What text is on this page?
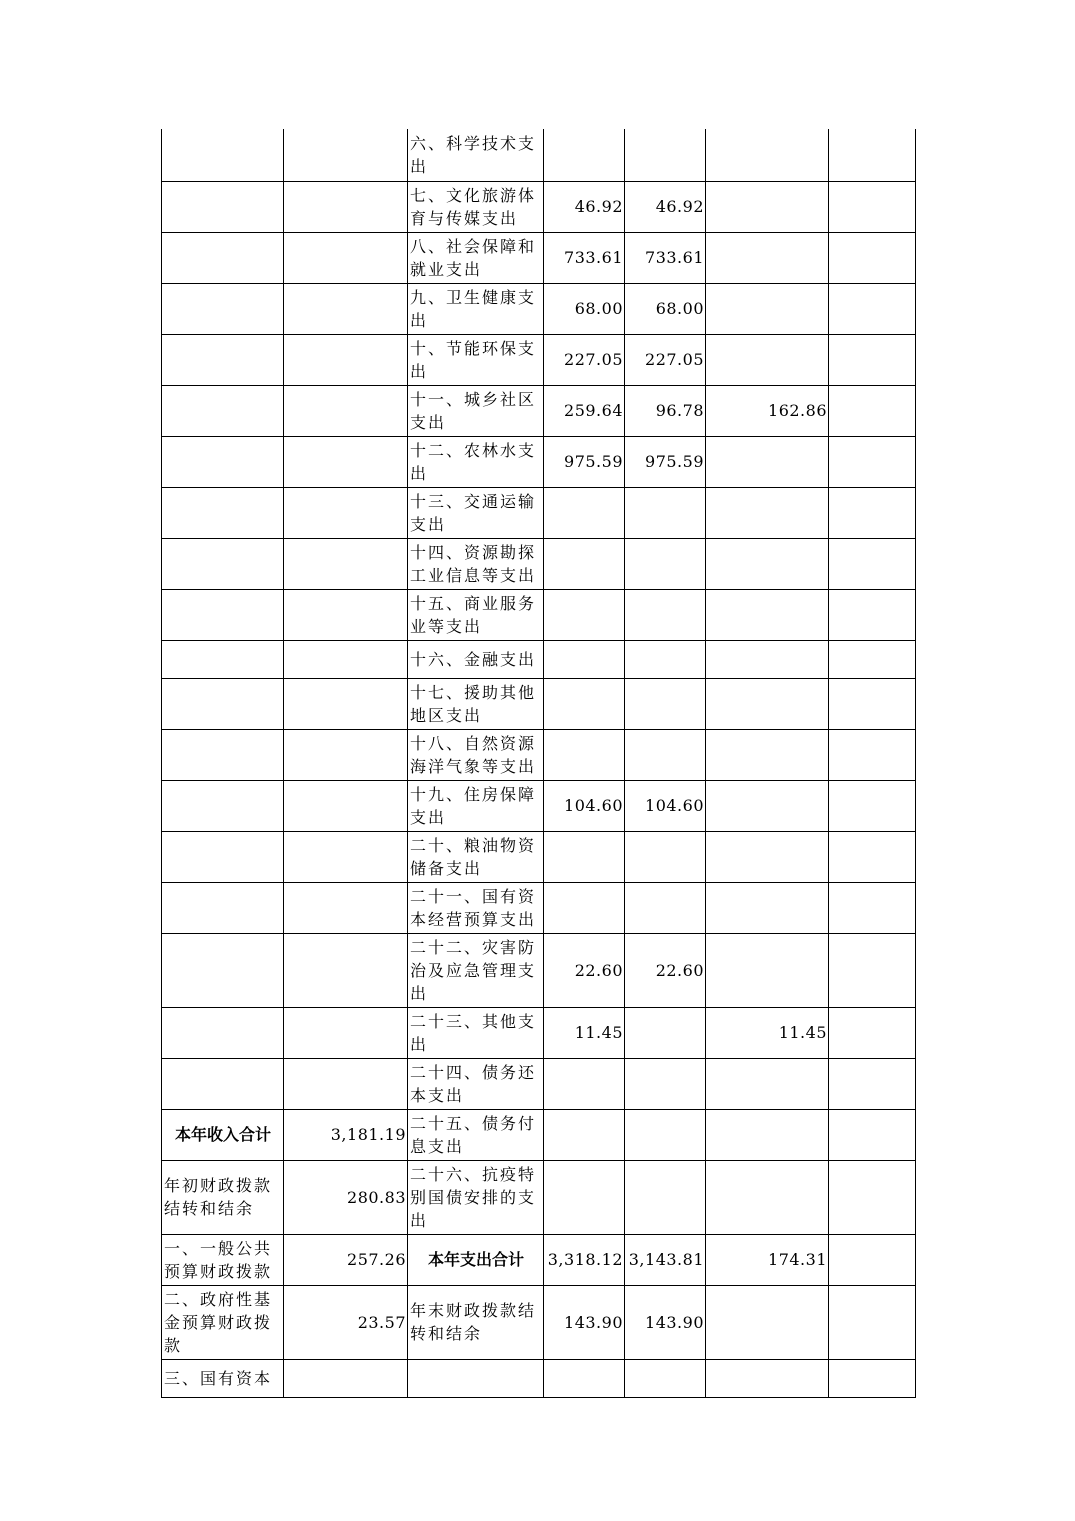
		六、科学技术支出				
		七、文化旅游体育与传媒支出	46.92	46.92		
		八、社会保障和就业支出	733.61	733.61		
		九、卫生健康支出	68.00	68.00		
		十、节能环保支出	227.05	227.05		
		十一、城乡社区支出	259.64	96.78	162.86	
		十二、农林水支出	975.59	975.59		
		十三、交通运输支出				
		十四、资源勘探工业信息等支出				
		十五、商业服务业等支出				
		十六、金融支出				
		十七、援助其他地区支出				
		十八、自然资源海洋气象等支出				
		十九、住房保障支出	104.60	104.60		
		二十、粮油物资储备支出				
		二十一、国有资本经营预算支出				
		二十二、灾害防治及应急管理支出	22.60	22.60		
		二十三、其他支出	11.45		11.45	
		二十四、债务还本支出				
本年收入合计	3,181.19	二十五、债务付息支出				
年初财政拨款结转和结余	280.83	二十六、抗疫特别国债安排的支出				
一、一般公共预算财政拨款	257.26	本年支出合计	3,318.12	3,143.81	174.31	
二、政府性基金预算财政拨款	23.57	年末财政拨款结转和结余	143.90	143.90		
三、国有资本						
